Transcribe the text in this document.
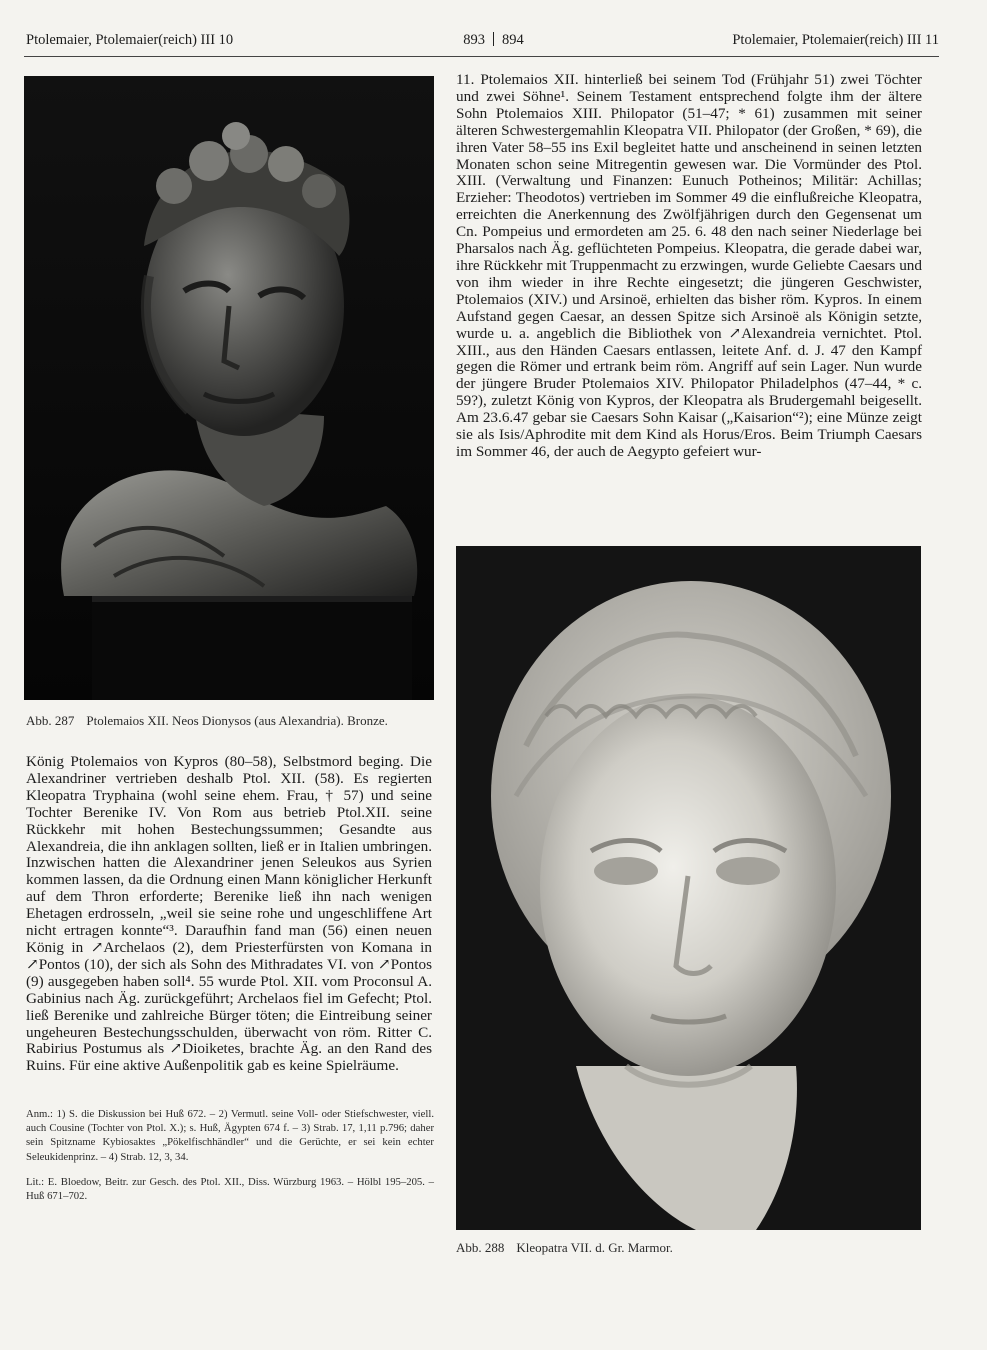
Ptolemaier, Ptolemaier(reich) III 10	893 894	Ptolemaier, Ptolemaier(reich) III 11
Abb. 287 Ptolemaios XII. Neos Dionysos (aus Alexandria). Bronze.

11. Ptolemaios XII. hinterließ bei seinem Tod (Frühjahr 51) zwei Töchter und zwei Söhne¹. Seinem Testament entsprechend folgte ihm der ältere Sohn Ptolemaios XIII. Philopator (51–47; * 61) zusammen mit seiner älteren Schwestergemahlin Kleopatra VII. Philopator (der Großen, * 69), die ihren Vater 58–55 ins Exil begleitet hatte und anscheinend in seinen letzten Monaten schon seine Mitregentin gewesen war. Die Vormünder des Ptol. XIII. (Verwaltung und Finanzen: Eunuch Potheinos; Militär: Achillas; Erzieher: Theodotos) vertrieben im Sommer 49 die einflußreiche Kleopatra, erreichten die Anerkennung des Zwölfjährigen durch den Gegensenat um Cn. Pompeius und ermordeten am 25. 6. 48 den nach seiner Niederlage bei Pharsalos nach Äg. geflüchteten Pompeius. Kleopatra, die gerade dabei war, ihre Rückkehr mit Truppenmacht zu erzwingen, wurde Geliebte Caesars und von ihm wieder in ihre Rechte eingesetzt; die jüngeren Geschwister, Ptolemaios (XIV.) und Arsinoë, erhielten das bisher röm. Kypros. In einem Aufstand gegen Caesar, an dessen Spitze sich Arsinoë als Königin setzte, wurde u. a. angeblich die Bibliothek von ↗Alexandreia vernichtet. Ptol. XIII., aus den Händen Caesars entlassen, leitete Anf. d. J. 47 den Kampf gegen die Römer und ertrank beim röm. Angriff auf sein Lager. Nun wurde der jüngere Bruder Ptolemaios XIV. Philopator Philadelphos (47–44, * c. 59?), zuletzt König von Kypros, der Kleopatra als Brudergemahl beigesellt. Am 23.6.47 gebar sie Caesars Sohn Kaisar („Kaisarion“²); eine Münze zeigt sie als Isis/Aphrodite mit dem Kind als Horus/Eros. Beim Triumph Caesars im Sommer 46, der auch de Aegypto gefeiert wur-

Abb. 288 Kleopatra VII. d. Gr. Marmor.

König Ptolemaios von Kypros (80–58), Selbstmord beging. Die Alexandriner vertrieben deshalb Ptol. XII. (58). Es regierten Kleopatra Tryphaina (wohl seine ehem. Frau, † 57) und seine Tochter Berenike IV. Von Rom aus betrieb Ptol.XII. seine Rückkehr mit hohen Bestechungssummen; Gesandte aus Alexandreia, die ihn anklagen sollten, ließ er in Italien umbringen. Inzwischen hatten die Alexandriner jenen Seleukos aus Syrien kommen lassen, da die Ordnung einen Mann königlicher Herkunft auf dem Thron erforderte; Berenike ließ ihn nach wenigen Ehetagen erdrosseln, „weil sie seine rohe und ungeschliffene Art nicht ertragen konnte“³. Daraufhin fand man (56) einen neuen König in ↗Archelaos (2), dem Priesterfürsten von Komana in ↗Pontos (10), der sich als Sohn des Mithradates VI. von ↗Pontos (9) ausgegeben haben soll⁴. 55 wurde Ptol. XII. vom Proconsul A. Gabinius nach Äg. zurückgeführt; Archelaos fiel im Gefecht; Ptol. ließ Berenike und zahlreiche Bürger töten; die Eintreibung seiner ungeheuren Bestechungsschulden, überwacht von röm. Ritter C. Rabirius Postumus als ↗Dioiketes, brachte Äg. an den Rand des Ruins. Für eine aktive Außenpolitik gab es keine Spielräume.

Anm.: 1) S. die Diskussion bei Huß 672. – 2) Vermutl. seine Voll- oder Stiefschwester, viell. auch Cousine (Tochter von Ptol. X.); s. Huß, Ägypten 674 f. – 3) Strab. 17, 1,11 p.796; daher sein Spitzname Kybiosaktes „Pökelfischhändler“ und die Gerüchte, er sei kein echter Seleukidenprinz. – 4) Strab. 12, 3, 34.
Lit.: E. Bloedow, Beitr. zur Gesch. des Ptol. XII., Diss. Würzburg 1963. – Hölbl 195–205. – Huß 671–702.
